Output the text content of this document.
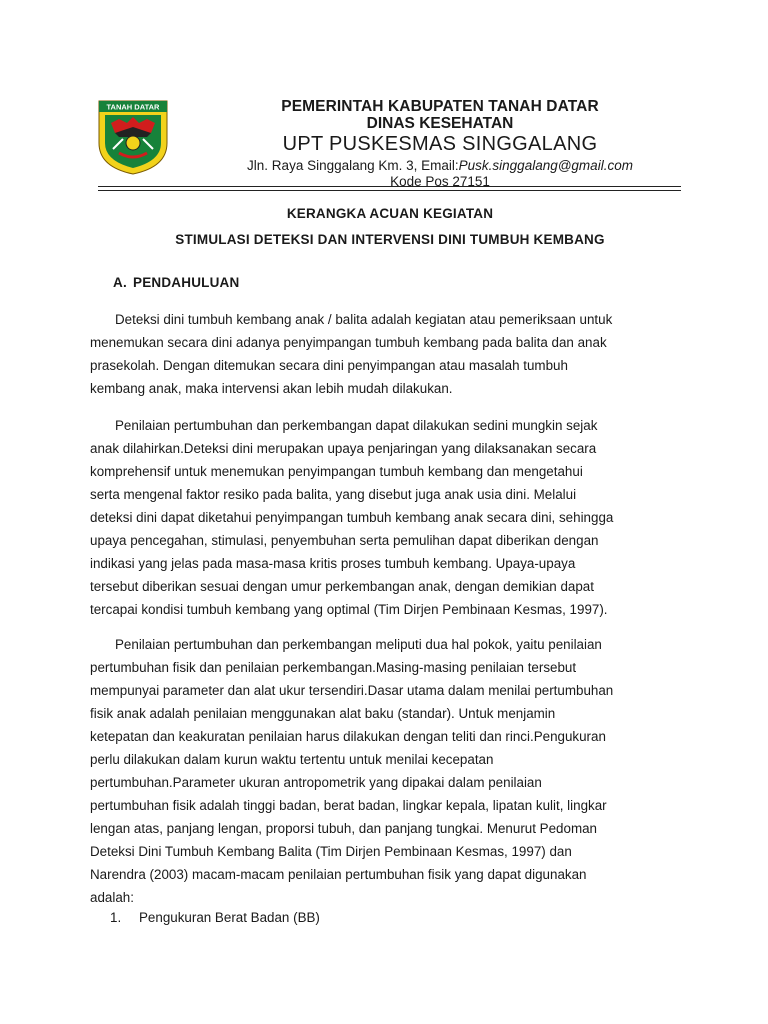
TANAH DATAR	PEMERINTAH KABUPATEN TANAH DATAR
DINAS KESEHATAN
UPT PUSKESMAS SINGGALANG
Jln. Raya Singgalang Km. 3, Email:Pusk.singgalang@gmail.com
Kode Pos 27151
KERANGKA ACUAN KEGIATAN
STIMULASI DETEKSI DAN INTERVENSI DINI TUMBUH KEMBANG
A. PENDAHULUAN
Deteksi dini tumbuh kembang anak / balita adalah kegiatan atau pemeriksaan untuk
menemukan secara dini adanya penyimpangan tumbuh kembang pada balita dan anak
prasekolah. Dengan ditemukan secara dini penyimpangan atau masalah tumbuh
kembang anak, maka intervensi akan lebih mudah dilakukan.
Penilaian pertumbuhan dan perkembangan dapat dilakukan sedini mungkin sejak
anak dilahirkan.Deteksi dini merupakan upaya penjaringan yang dilaksanakan secara
komprehensif untuk menemukan penyimpangan tumbuh kembang dan mengetahui
serta mengenal faktor resiko pada balita, yang disebut juga anak usia dini. Melalui
deteksi dini dapat diketahui penyimpangan tumbuh kembang anak secara dini, sehingga
upaya pencegahan, stimulasi, penyembuhan serta pemulihan dapat diberikan dengan
indikasi yang jelas pada masa-masa kritis proses tumbuh kembang. Upaya-upaya
tersebut diberikan sesuai dengan umur perkembangan anak, dengan demikian dapat
tercapai kondisi tumbuh kembang yang optimal (Tim Dirjen Pembinaan Kesmas, 1997).
Penilaian pertumbuhan dan perkembangan meliputi dua hal pokok, yaitu penilaian
pertumbuhan fisik dan penilaian perkembangan.Masing-masing penilaian tersebut
mempunyai parameter dan alat ukur tersendiri.Dasar utama dalam menilai pertumbuhan
fisik anak adalah penilaian menggunakan alat baku (standar). Untuk menjamin
ketepatan dan keakuratan penilaian harus dilakukan dengan teliti dan rinci.Pengukuran
perlu dilakukan dalam kurun waktu tertentu untuk menilai kecepatan
pertumbuhan.Parameter ukuran antropometrik yang dipakai dalam penilaian
pertumbuhan fisik adalah tinggi badan, berat badan, lingkar kepala, lipatan kulit, lingkar
lengan atas, panjang lengan, proporsi tubuh, dan panjang tungkai. Menurut Pedoman
Deteksi Dini Tumbuh Kembang Balita (Tim Dirjen Pembinaan Kesmas, 1997) dan
Narendra (2003) macam-macam penilaian pertumbuhan fisik yang dapat digunakan
adalah:
1. Pengukuran Berat Badan (BB)
